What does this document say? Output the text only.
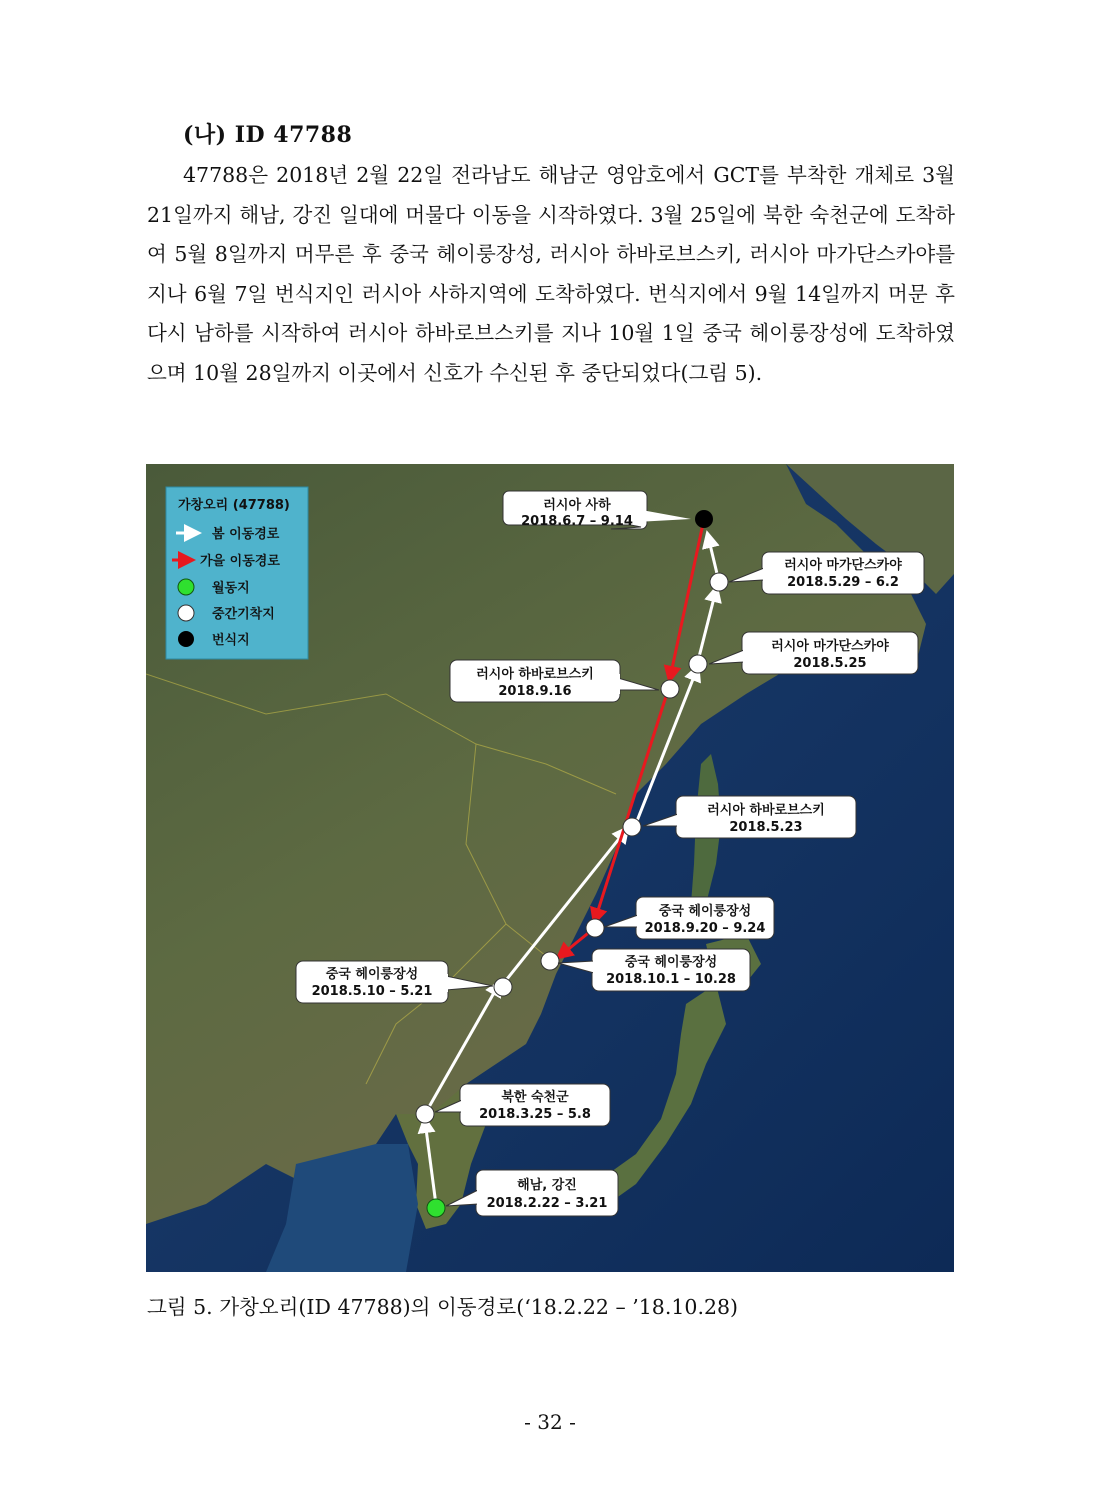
(나) ID 47788

47788은 2018년 2월 22일 전라남도 해남군 영암호에서 GCT를 부착한 개체로 3월 21일까지 해남, 강진 일대에 머물다 이동을 시작하였다. 3월 25일에 북한 숙천군에 도착하여 5월 8일까지 머무른 후 중국 헤이룽장성, 러시아 하바로브스키, 러시아 마가단스카야를 지나 6월 7일 번식지인 러시아 사하지역에 도착하였다. 번식지에서 9월 14일까지 머문 후 다시 남하를 시작하여 러시아 하바로브스키를 지나 10월 1일 중국 헤이룽장성에 도착하였으며 10월 28일까지 이곳에서 신호가 수신된 후 중단되었다(그림 5).

가창오리 (47788)
봄 이동경로
가을 이동경로
월동지
중간기착지
번식지
러시아 사하
2018.6.7 – 9.14
러시아 마가단스카야
2018.5.29 – 6.2
러시아 마가단스카야
2018.5.25
러시아 하바로브스키
2018.9.16
러시아 하바로브스키
2018.5.23
중국 헤이룽장성
2018.9.20 – 9.24
중국 헤이룽장성
2018.10.1 – 10.28
중국 헤이룽장성
2018.5.10 – 5.21
북한 숙천군
2018.3.25 – 5.8
해남, 강진
2018.2.22 – 3.21
그림 5. 가창오리(ID 47788)의 이동경로(‘18.2.22 – ’18.10.28)
- 32 -
